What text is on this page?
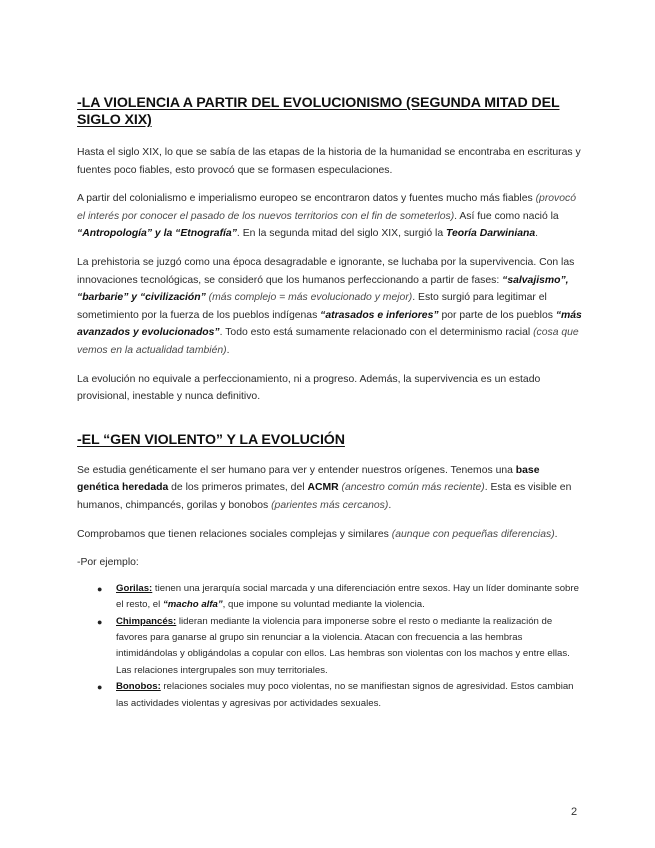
-LA VIOLENCIA A PARTIR DEL EVOLUCIONISMO (SEGUNDA MITAD DEL SIGLO XIX)

Hasta el siglo XIX, lo que se sabía de las etapas de la historia de la humanidad se encontraba en escrituras y fuentes poco fiables, esto provocó que se formasen especulaciones.

A partir del colonialismo e imperialismo europeo se encontraron datos y fuentes mucho más fiables (provocó el interés por conocer el pasado de los nuevos territorios con el fin de someterlos). Así fue como nació la “Antropología” y la “Etnografía”. En la segunda mitad del siglo XIX, surgió la Teoría Darwiniana.

La prehistoria se juzgó como una época desagradable e ignorante, se luchaba por la supervivencia. Con las innovaciones tecnológicas, se consideró que los humanos perfeccionando a partir de fases: “salvajismo”, “barbarie” y “civilización” (más complejo = más evolucionado y mejor). Esto surgió para legitimar el sometimiento por la fuerza de los pueblos indígenas “atrasados e inferiores” por parte de los pueblos “más avanzados y evolucionados”. Todo esto está sumamente relacionado con el determinismo racial (cosa que vemos en la actualidad también).

La evolución no equivale a perfeccionamiento, ni a progreso. Además, la supervivencia es un estado provisional, inestable y nunca definitivo.

-EL “GEN VIOLENTO” Y LA EVOLUCIÓN

Se estudia genéticamente el ser humano para ver y entender nuestros orígenes. Tenemos una base genética heredada de los primeros primates, del ACMR (ancestro común más reciente). Esta es visible en humanos, chimpancés, gorilas y bonobos (parientes más cercanos).

Comprobamos que tienen relaciones sociales complejas y similares (aunque con pequeñas diferencias).

-Por ejemplo:

● Gorilas: tienen una jerarquía social marcada y una diferenciación entre sexos. Hay un líder dominante sobre el resto, el “macho alfa”, que impone su voluntad mediante la violencia.
● Chimpancés: lideran mediante la violencia para imponerse sobre el resto o mediante la realización de favores para ganarse al grupo sin renunciar a la violencia. Atacan con frecuencia a las hembras intimidándolas y obligándolas a copular con ellos. Las hembras son violentas con los machos y entre ellas. Las relaciones intergrupales son muy territoriales.
● Bonobos: relaciones sociales muy poco violentas, no se manifiestan signos de agresividad. Estos cambian las actividades violentas y agresivas por actividades sexuales.
2
